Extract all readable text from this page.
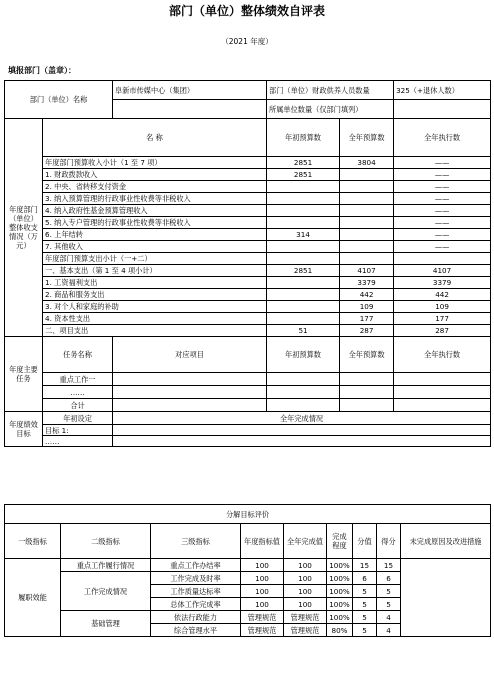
部门（单位）整体绩效自评表
（2021 年度）
填报部门（盖章）：
部门（单位）名称		阜新市传媒中心（集团）	部门（单位）财政供养人员数量		325（+退休人数）	
			所属单位数量（仅部门填列）			
年度部门（单位）整体收支情况（万元）	名 称		年初预算数	全年预算数	全年执行数	
	年度部门预算收入小计（1 至 7 项）		2851	3804	——	
	1. 财政拨款收入		2851		——	
	2. 中央、省转移支付资金				——	
	3. 纳入预算管理的行政事业性收费等非税收入				——	
	4. 纳入政府性基金预算管理收入				——	
	5. 纳入专户管理的行政事业性收费等非税收入				——	
	6. 上年结转		314		——	
	7. 其他收入				——	
	年度部门预算支出小计（一+二）					
	一、基本支出（第 1 至 4 项小计）		2851	4107	4107	
	1. 工资福利支出			3379	3379	
	2. 商品和服务支出			442	442	
	3. 对个人和家庭的补助			109	109	
	4. 资本性支出			177	177	
	二、项目支出		51	287	287	
年度主要任务	任务名称	对应项目	年初预算数	全年预算数	全年执行数	
	重点工作一					
	……					
	合计					
年度绩效目标	年初设定	全年完成情况				
	目标 1:					
	……					
分解目标评价								
一级指标	二级指标	三级指标	年度指标值	全年完成值	完成程度	分值	得分	未完成原因及改进措施
履职效能	重点工作履行情况	重点工作办结率	100	100	100%	15	15	
	工作完成情况	工作完成及时率	100	100	100%	6	6	
		工作质量达标率	100	100	100%	5	5	
		总体工作完成率	100	100	100%	5	5	
	基础管理	依法行政能力	管理规范	管理规范	100%	5	4	
		综合管理水平	管理规范	管理规范	80%	5	4	
